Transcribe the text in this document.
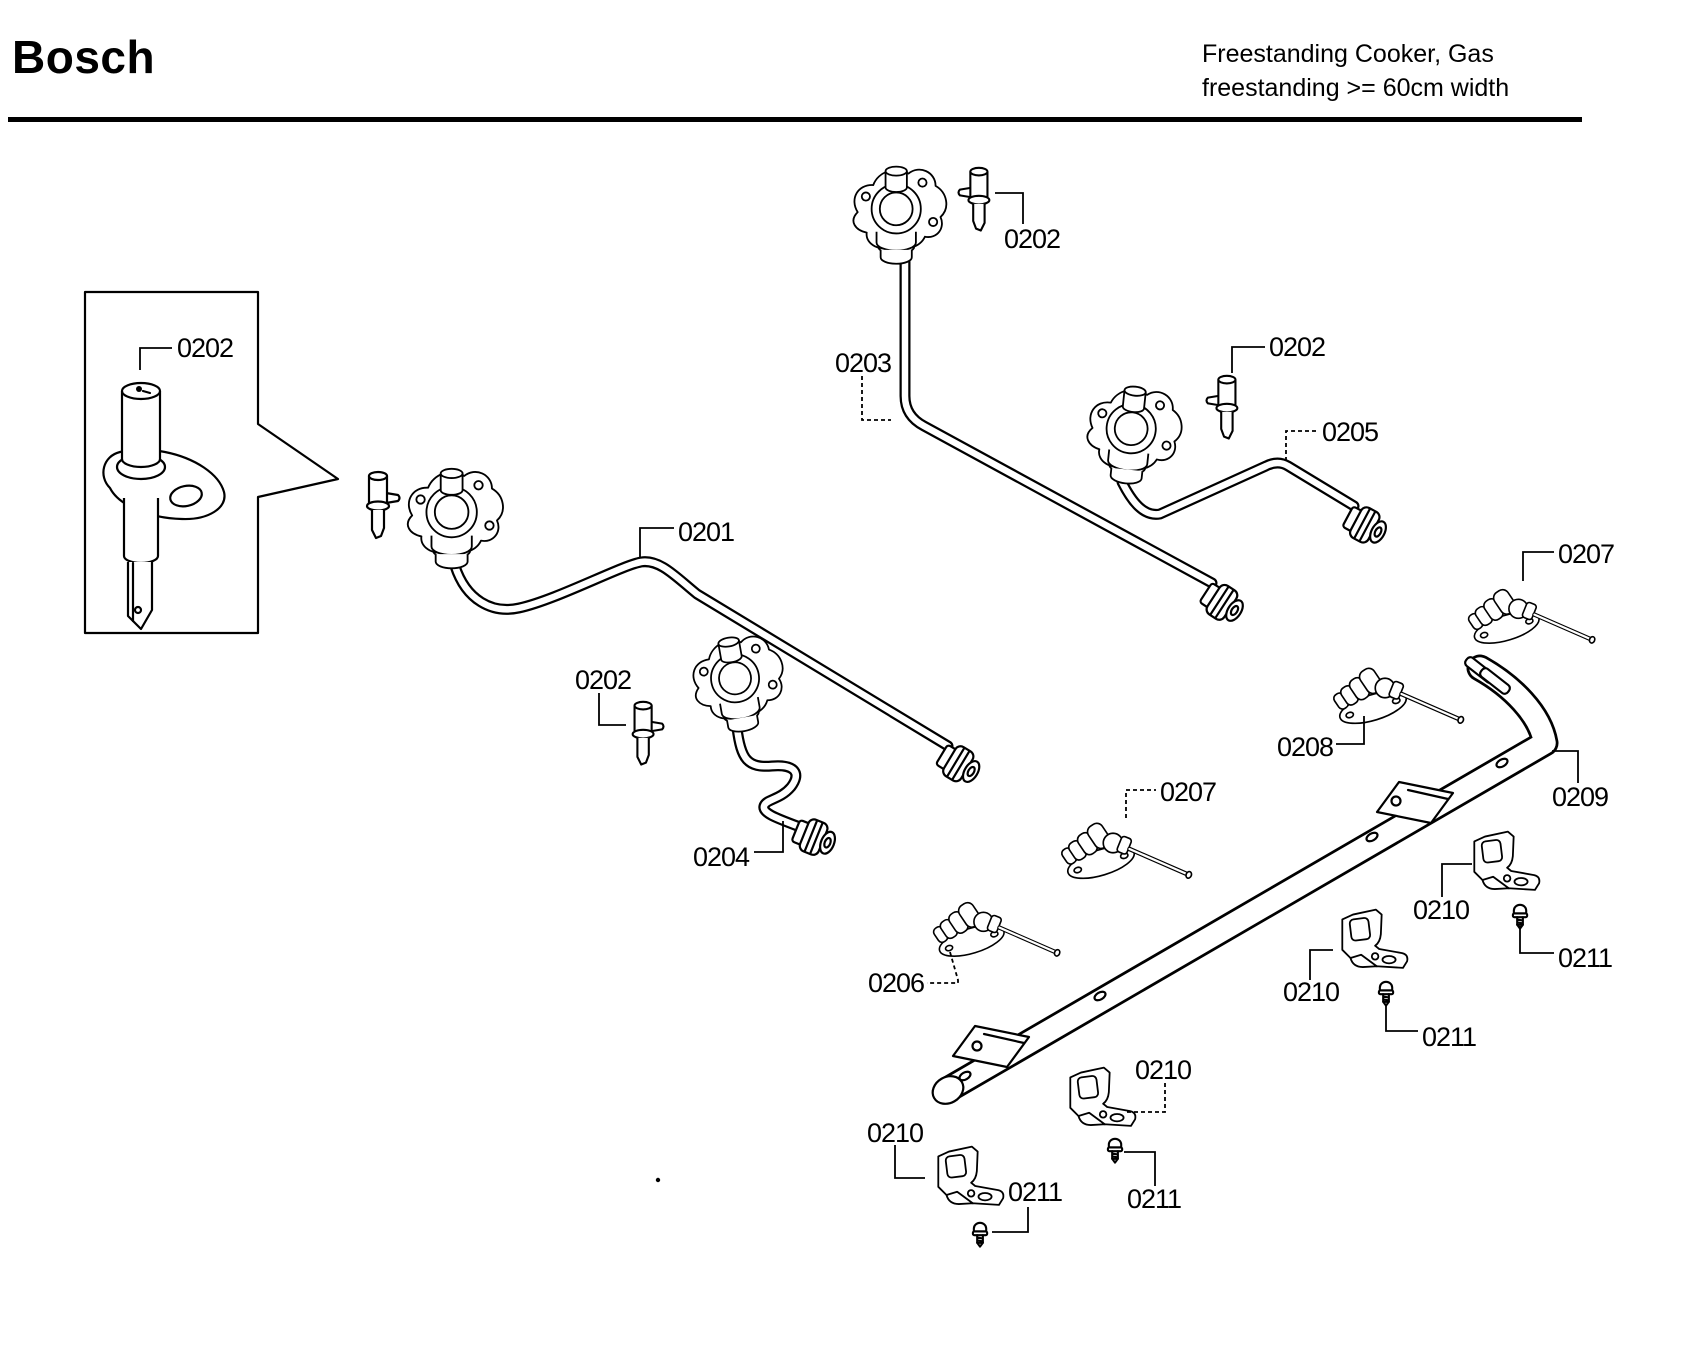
Bosch	Freestanding Cooker, Gas
freestanding >= 60cm width
0202
0202
0203
0202
0205
0201
0207
0202
0208
0209
0207
0204
0206
0210
0211
0210
0211
0210
0211
0210
0211
